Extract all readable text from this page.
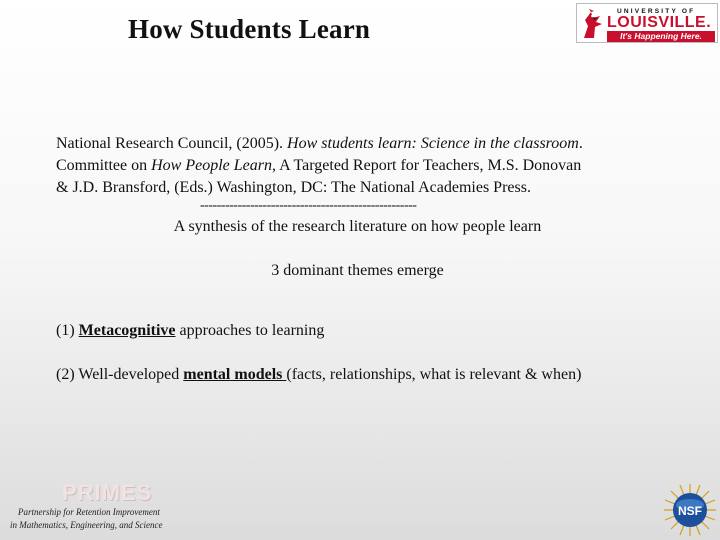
How Students Learn
UNIVERSITY OF
LOUISVILLE.
It's Happening Here.
National Research Council, (2005). How students learn: Science in the classroom.
Committee on How People Learn, A Targeted Report for Teachers, M.S. Donovan
& J.D. Bransford, (Eds.) Washington, DC: The National Academies Press.
----------------------------------------------------
A synthesis of the research literature on how people learn
3 dominant themes emerge
(1) Metacognitive approaches to learning
(2) Well-developed mental models (facts, relationships, what is relevant & when)
PRIMES
Partnership for Retention Improvement
in Mathematics, Engineering, and Science
NSF
